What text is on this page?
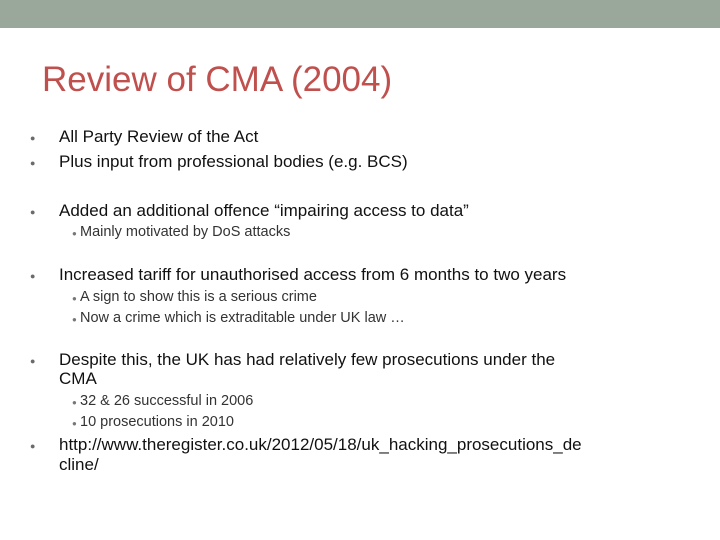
Review of CMA (2004)
● All Party Review of the Act
● Plus input from professional bodies (e.g. BCS)
● Added an additional offence “impairing access to data”
● Mainly motivated by DoS attacks
● Increased tariff for unauthorised access from 6 months to two years
● A sign to show this is a serious crime
● Now a crime which is extraditable under UK law …
● Despite this, the UK has had relatively few prosecutions under the
CMA
● 32 & 26 successful in 2006
● 10 prosecutions in 2010
● http://www.theregister.co.uk/2012/05/18/uk_hacking_prosecutions_de
cline/
